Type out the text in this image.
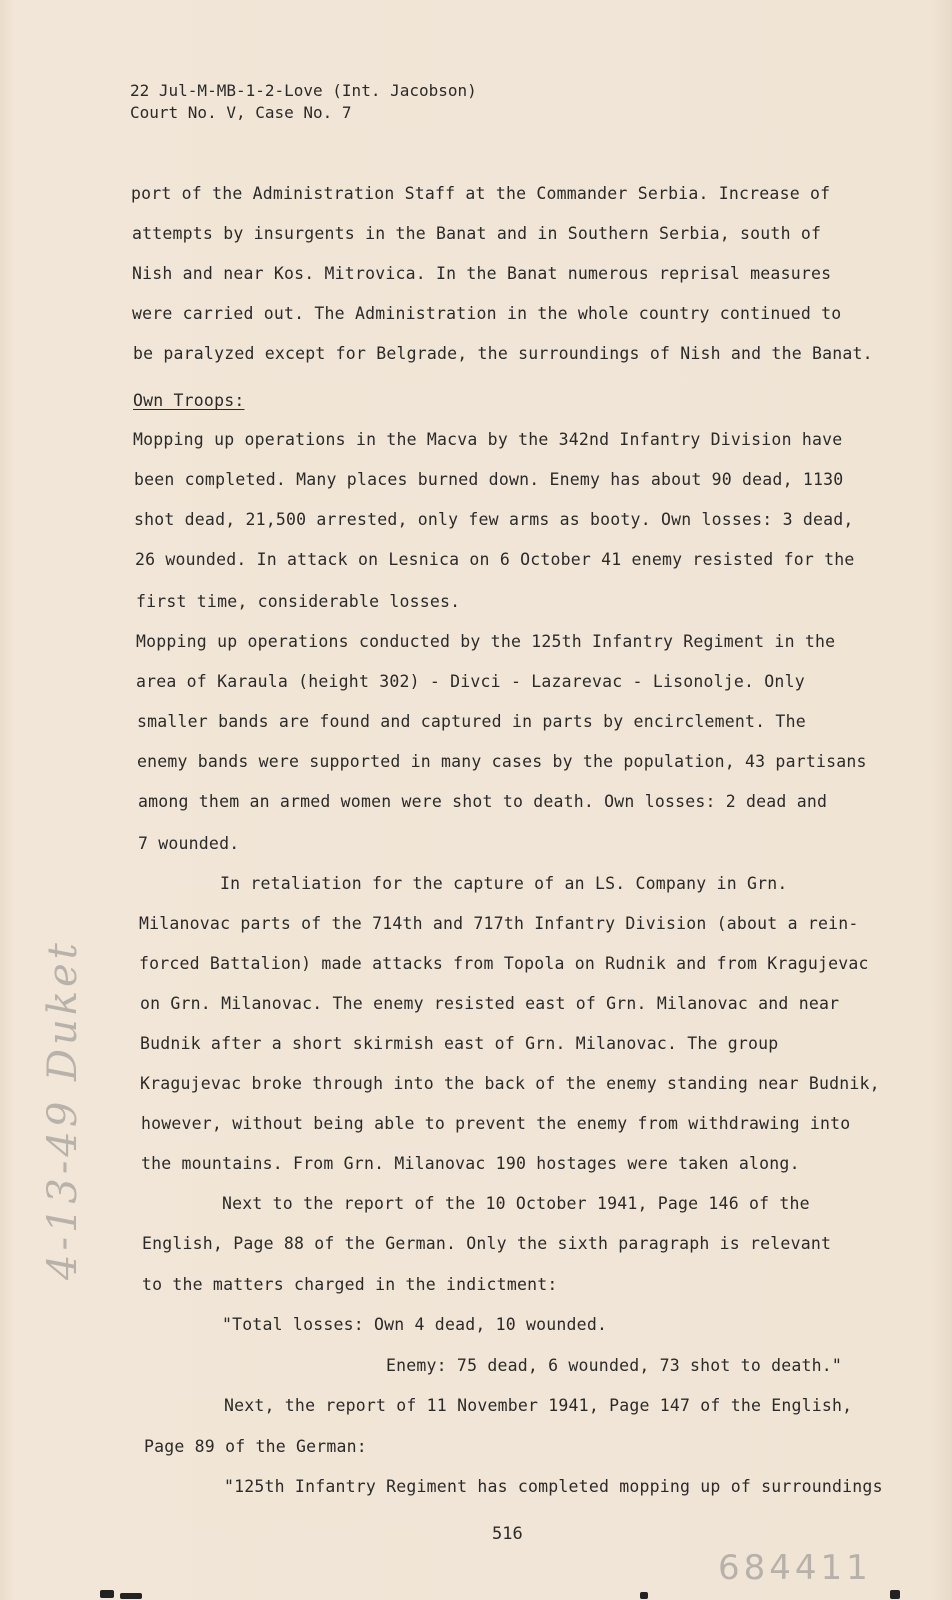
22 Jul-M-MB-1-2-Love (Int. Jacobson)
Court No. V, Case No. 7
port of the Administration Staff at the Commander Serbia. Increase of
attempts by insurgents in the Banat and in Southern Serbia, south of
Nish and near Kos. Mitrovica. In the Banat numerous reprisal measures
were carried out. The Administration in the whole country continued to
be paralyzed except for Belgrade, the surroundings of Nish and the Banat.
Own Troops:
Mopping up operations in the Macva by the 342nd Infantry Division have
been completed. Many places burned down. Enemy has about 90 dead, 1130
shot dead, 21,500 arrested, only few arms as booty. Own losses: 3 dead,
26 wounded. In attack on Lesnica on 6 October 41 enemy resisted for the
first time, considerable losses.
Mopping up operations conducted by the 125th Infantry Regiment in the
area of Karaula (height 302) - Divci - Lazarevac - Lisonolje. Only
smaller bands are found and captured in parts by encirclement. The
enemy bands were supported in many cases by the population, 43 partisans
among them an armed women were shot to death. Own losses: 2 dead and
7 wounded.
In retaliation for the capture of an LS. Company in Grn.
Milanovac parts of the 714th and 717th Infantry Division (about a rein-
forced Battalion) made attacks from Topola on Rudnik and from Kragujevac
on Grn. Milanovac. The enemy resisted east of Grn. Milanovac and near
Budnik after a short skirmish east of Grn. Milanovac. The group
Kragujevac broke through into the back of the enemy standing near Budnik,
however, without being able to prevent the enemy from withdrawing into
the mountains. From Grn. Milanovac 190 hostages were taken along.
Next to the report of the 10 October 1941, Page 146 of the
English, Page 88 of the German. Only the sixth paragraph is relevant
to the matters charged in the indictment:
"Total losses: Own 4 dead, 10 wounded.
Enemy: 75 dead, 6 wounded, 73 shot to death."
Next, the report of 11 November 1941, Page 147 of the English,
Page 89 of the German:
"125th Infantry Regiment has completed mopping up of surroundings
516
4-13-49 Duket
684411
